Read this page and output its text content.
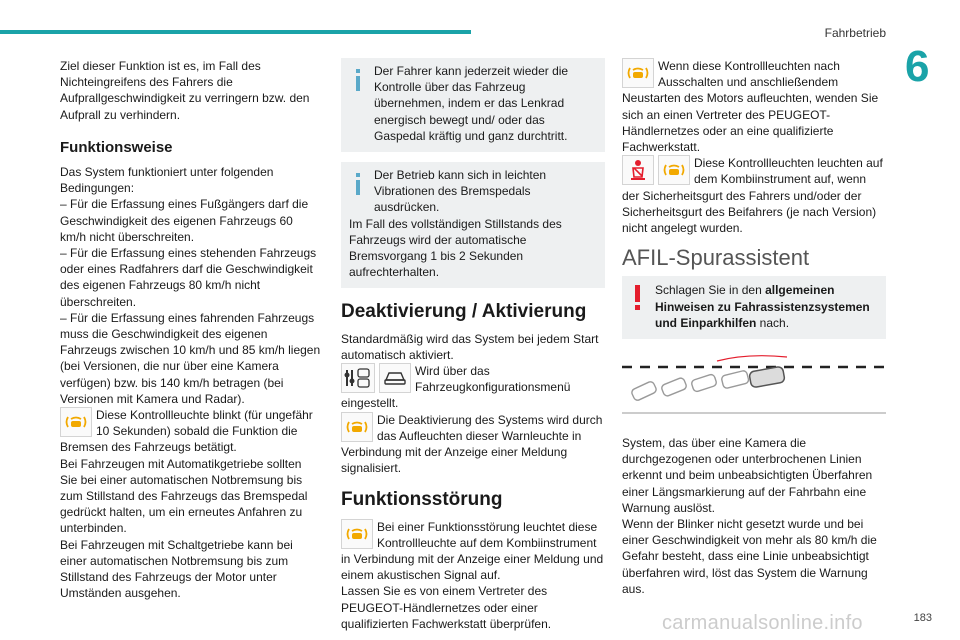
Fahrbetrieb
6

Ziel dieser Funktion ist es, im Fall des Nichteingreifens des Fahrers die Aufprallgeschwindigkeit zu verringern bzw. den Aufprall zu verhindern.

Funktionsweise

Das System funktioniert unter folgenden Bedingungen:

– Für die Erfassung eines Fußgängers darf die Geschwindigkeit des eigenen Fahrzeugs 60 km/h nicht überschreiten.

– Für die Erfassung eines stehenden Fahrzeugs oder eines Radfahrers darf die Geschwindigkeit des eigenen Fahrzeugs 80 km/h nicht überschreiten.

– Für die Erfassung eines fahrenden Fahrzeugs muss die Geschwindigkeit des eigenen Fahrzeugs zwischen 10 km/h und 85 km/h liegen (bei Versionen, die nur über eine Kamera verfügen) bzw. bis 140 km/h betragen (bei Versionen mit Kamera und Radar).

Diese Kontrollleuchte blinkt (für ungefähr 10 Sekunden) sobald die Funktion die Bremsen des Fahrzeugs betätigt.

Bei Fahrzeugen mit Automatikgetriebe sollten Sie bei einer automatischen Notbremsung bis zum Stillstand des Fahrzeugs das Bremspedal gedrückt halten, um ein erneutes Anfahren zu unterbinden.

Bei Fahrzeugen mit Schaltgetriebe kann bei einer automatischen Notbremsung bis zum Stillstand des Fahrzeugs der Motor unter Umständen ausgehen.

Der Fahrer kann jederzeit wieder die Kontrolle über das Fahrzeug übernehmen, indem er das Lenkrad energisch bewegt und/ oder das Gaspedal kräftig und ganz durchtritt.

Der Betrieb kann sich in leichten Vibrationen des Bremspedals ausdrücken.

Im Fall des vollständigen Stillstands des Fahrzeugs wird der automatische Bremsvorgang 1 bis 2 Sekunden aufrechterhalten.

Deaktivierung / Aktivierung

Standardmäßig wird das System bei jedem Start automatisch aktiviert.

Wird über das Fahrzeugkonfigurationsmenü eingestellt.

Die Deaktivierung des Systems wird durch das Aufleuchten dieser Warnleuchte in Verbindung mit der Anzeige einer Meldung signalisiert.

Funktionsstörung

Bei einer Funktionsstörung leuchtet diese Kontrollleuchte auf dem Kombiinstrument in Verbindung mit der Anzeige einer Meldung und einem akustischen Signal auf.

Lassen Sie es von einem Vertreter des PEUGEOT-Händlernetzes oder einer qualifizierten Fachwerkstatt überprüfen.

Wenn diese Kontrollleuchten nach Ausschalten und anschließendem Neustarten des Motors aufleuchten, wenden Sie sich an einen Vertreter des PEUGEOT-Händlernetzes oder an eine qualifizierte Fachwerkstatt.

Diese Kontrollleuchten leuchten auf dem Kombiinstrument auf, wenn der Sicherheitsgurt des Fahrers und/oder der Sicherheitsgurt des Beifahrers (je nach Version) nicht angelegt wurden.

AFIL-Spurassistent

Schlagen Sie in den allgemeinen Hinweisen zu Fahrassistenzsystemen und Einparkhilfen nach.

System, das über eine Kamera die durchgezogenen oder unterbrochenen Linien erkennt und beim unbeabsichtigten Überfahren einer Längsmarkierung auf der Fahrbahn eine Warnung auslöst.

Wenn der Blinker nicht gesetzt wurde und bei einer Geschwindigkeit von mehr als 80 km/h die Gefahr besteht, dass eine Linie unbeabsichtigt überfahren wird, löst das System die Warnung aus.

carmanualsonline.info	183
